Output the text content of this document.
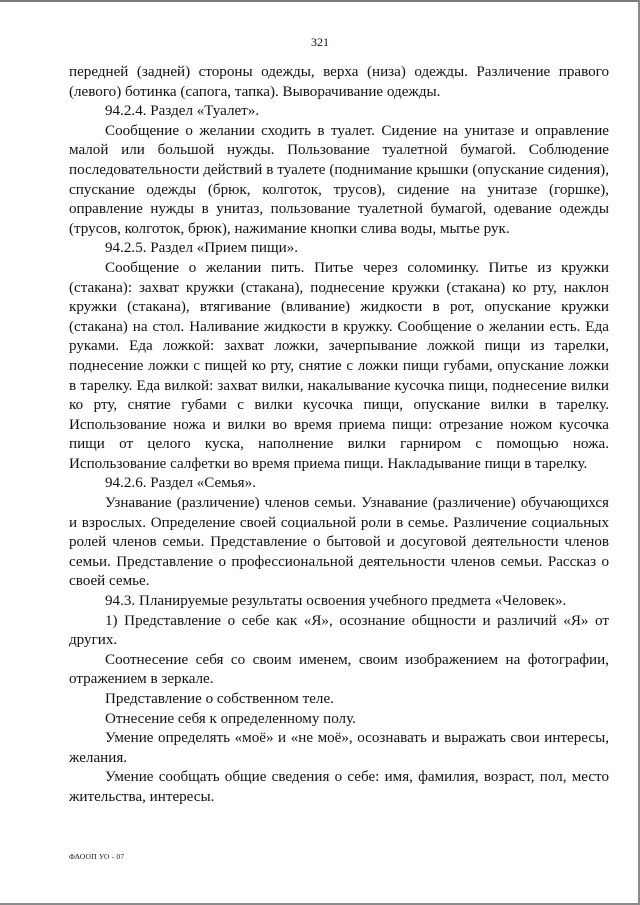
321

передней (задней) стороны одежды, верха (низа) одежды. Различение правого (левого) ботинка (сапога, тапка). Выворачивание одежды.

94.2.4. Раздел «Туалет».

Сообщение о желании сходить в туалет. Сидение на унитазе и оправление малой или большой нужды. Пользование туалетной бумагой. Соблюдение последовательности действий в туалете (поднимание крышки (опускание сидения), спускание одежды (брюк, колготок, трусов), сидение на унитазе (горшке), оправление нужды в унитаз, пользование туалетной бумагой, одевание одежды (трусов, колготок, брюк), нажимание кнопки слива воды, мытье рук.

94.2.5. Раздел «Прием пищи».

Сообщение о желании пить. Питье через соломинку. Питье из кружки (стакана): захват кружки (стакана), поднесение кружки (стакана) ко рту, наклон кружки (стакана), втягивание (вливание) жидкости в рот, опускание кружки (стакана) на стол. Наливание жидкости в кружку. Сообщение о желании есть. Еда руками. Еда ложкой: захват ложки, зачерпывание ложкой пищи из тарелки, поднесение ложки с пищей ко рту, снятие с ложки пищи губами, опускание ложки в тарелку. Еда вилкой: захват вилки, накалывание кусочка пищи, поднесение вилки ко рту, снятие губами с вилки кусочка пищи, опускание вилки в тарелку. Использование ножа и вилки во время приема пищи: отрезание ножом кусочка пищи от целого куска, наполнение вилки гарниром с помощью ножа. Использование салфетки во время приема пищи. Накладывание пищи в тарелку.

94.2.6. Раздел «Семья».

Узнавание (различение) членов семьи. Узнавание (различение) обучающихся и взрослых. Определение своей социальной роли в семье. Различение социальных ролей членов семьи. Представление о бытовой и досуговой деятельности членов семьи. Представление о профессиональной деятельности членов семьи. Рассказ о своей семье.

94.3. Планируемые результаты освоения учебного предмета «Человек».

1) Представление о себе как «Я», осознание общности и различий «Я» от других.

Соотнесение себя со своим именем, своим изображением на фотографии, отражением в зеркале.

Представление о собственном теле.

Отнесение себя к определенному полу.

Умение определять «моё» и «не моё», осознавать и выражать свои интересы, желания.

Умение сообщать общие сведения о себе: имя, фамилия, возраст, пол, место жительства, интересы.

ФАООП УО - 07
